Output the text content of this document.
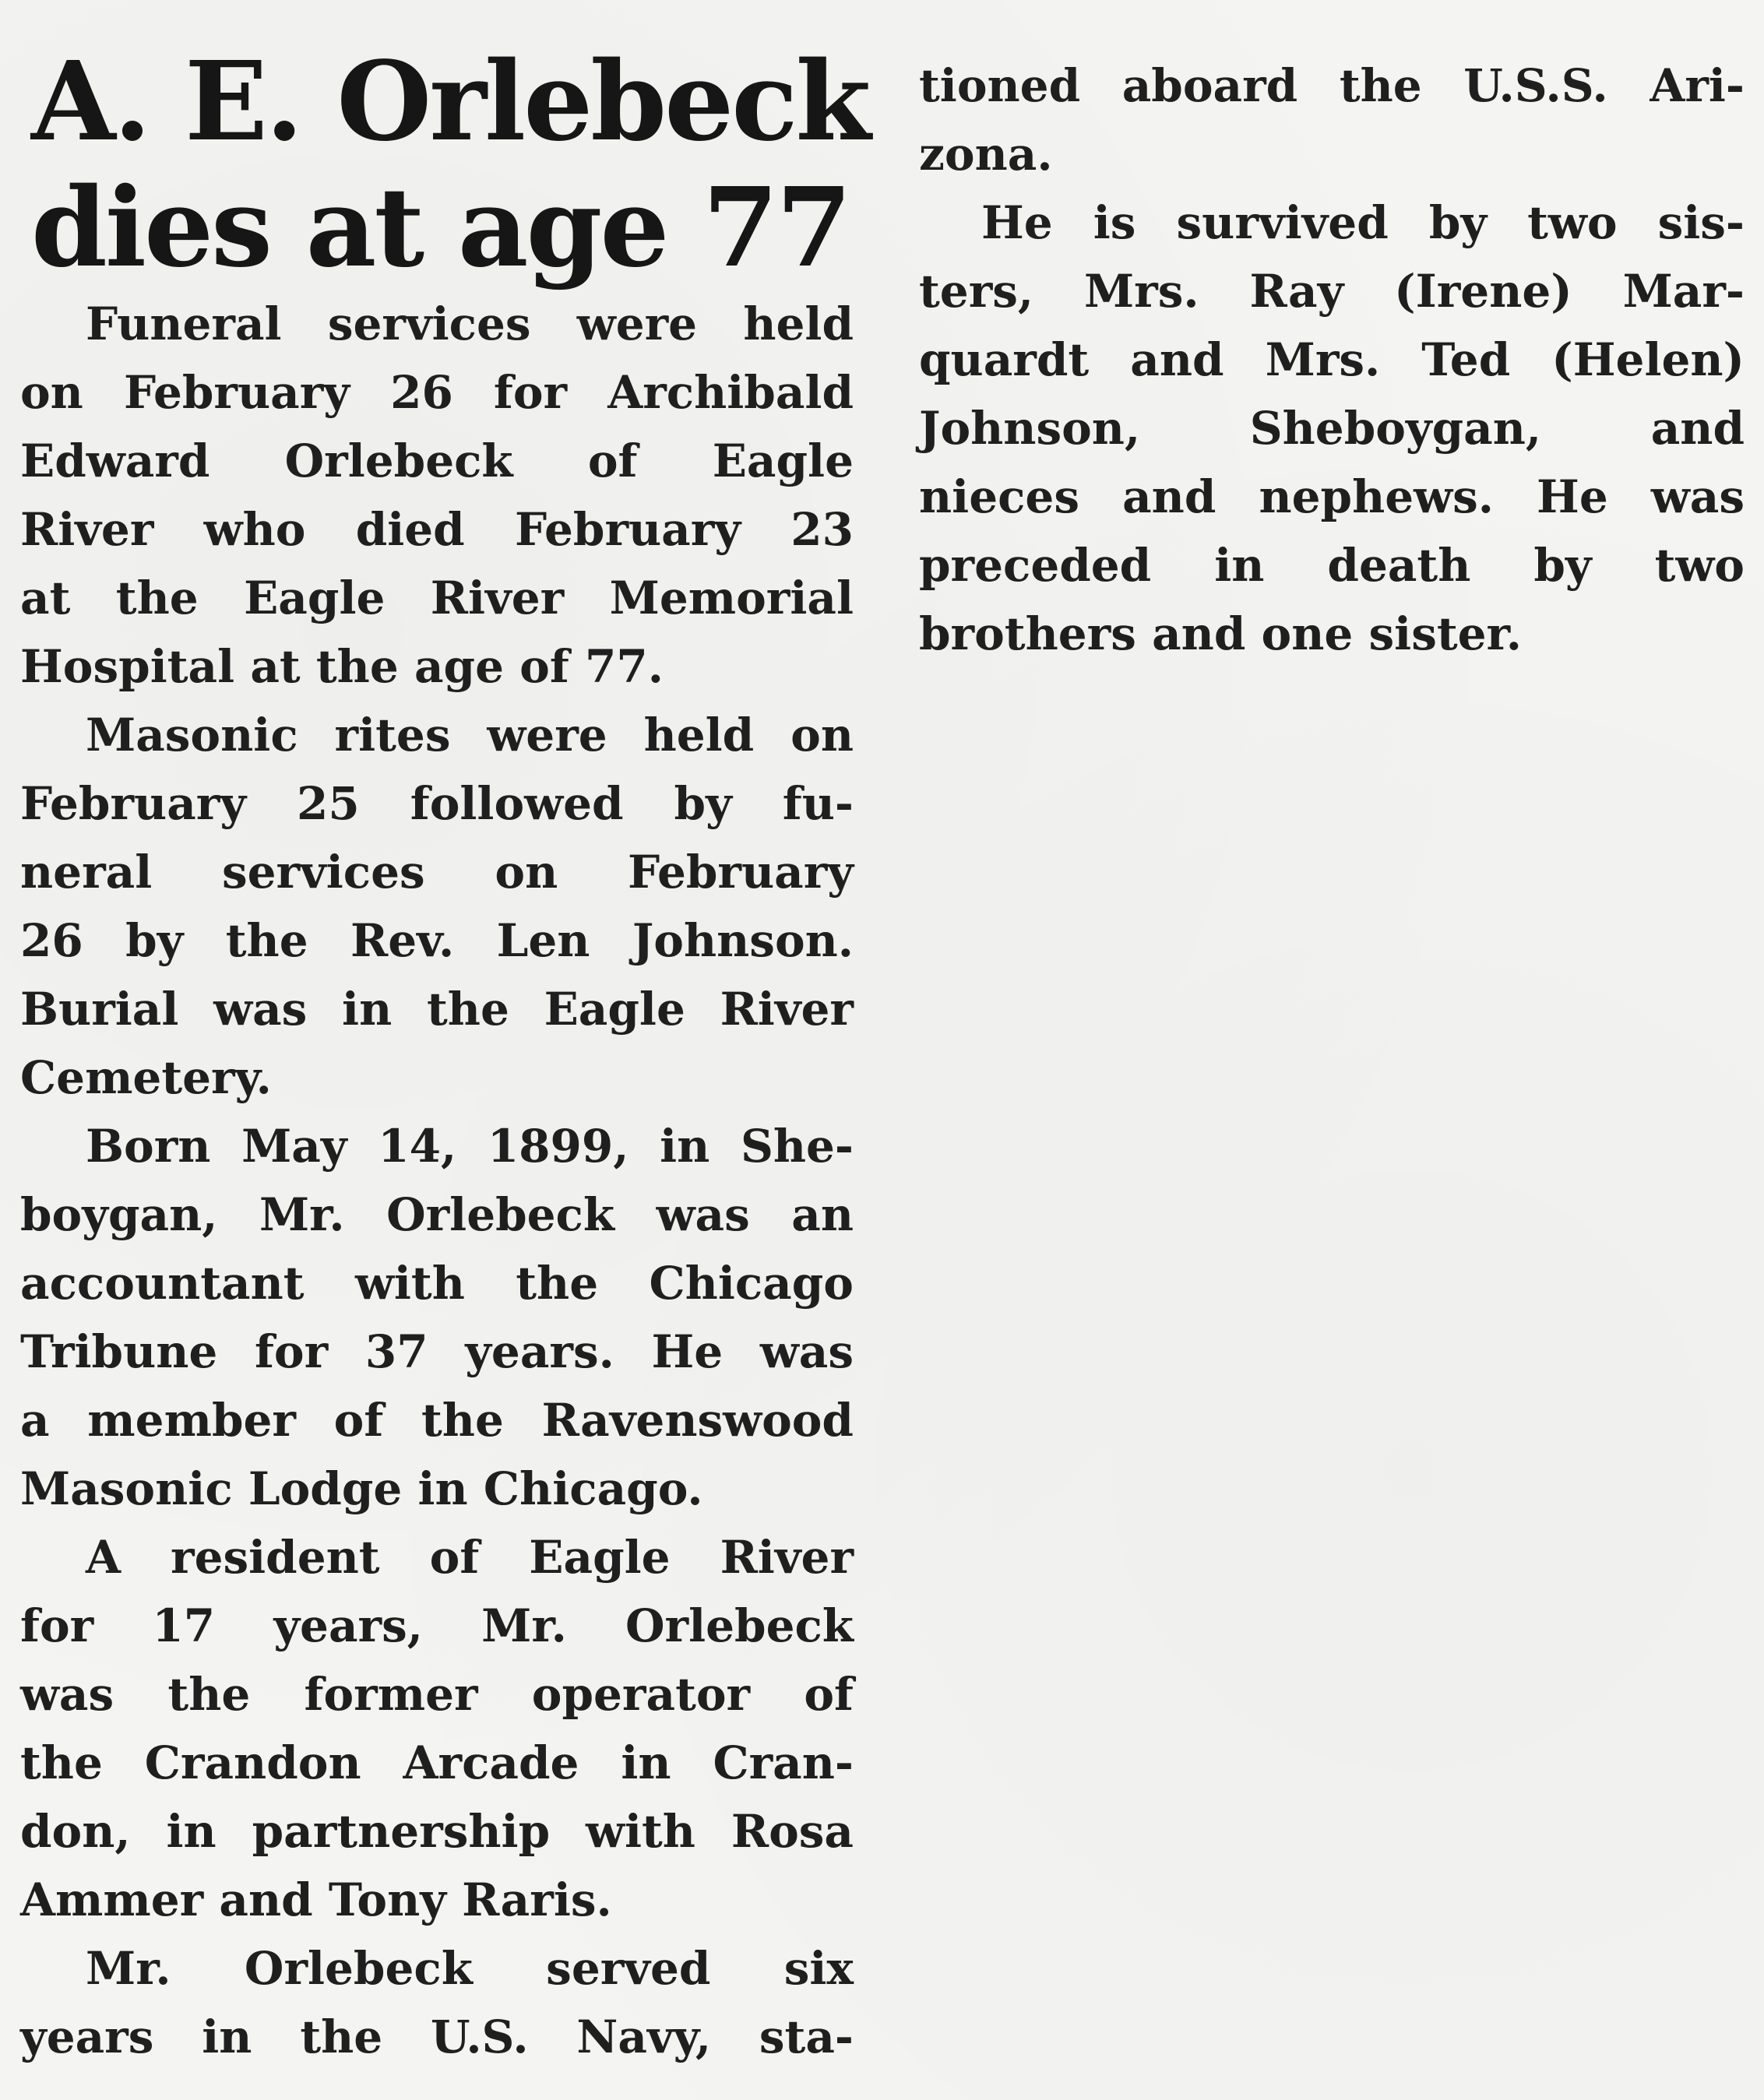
A. E. Orlebeck
dies at age 77
Funeral services were held
on February 26 for Archibald
Edward Orlebeck of Eagle
River who died February 23
at the Eagle River Memorial
Hospital at the age of 77.
Masonic rites were held on
February 25 followed by fu-
neral services on February
26 by the Rev. Len Johnson.
Burial was in the Eagle River
Cemetery.
Born May 14, 1899, in She-
boygan, Mr. Orlebeck was an
accountant with the Chicago
Tribune for 37 years. He was
a member of the Ravenswood
Masonic Lodge in Chicago.
A resident of Eagle River
for 17 years, Mr. Orlebeck
was the former operator of
the Crandon Arcade in Cran-
don, in partnership with Rosa
Ammer and Tony Raris.
Mr. Orlebeck served six
years in the U.S. Navy, sta-
tioned aboard the U.S.S. Ari-
zona.
He is survived by two sis-
ters, Mrs. Ray (Irene) Mar-
quardt and Mrs. Ted (Helen)
Johnson, Sheboygan, and
nieces and nephews. He was
preceded in death by two
brothers and one sister.
